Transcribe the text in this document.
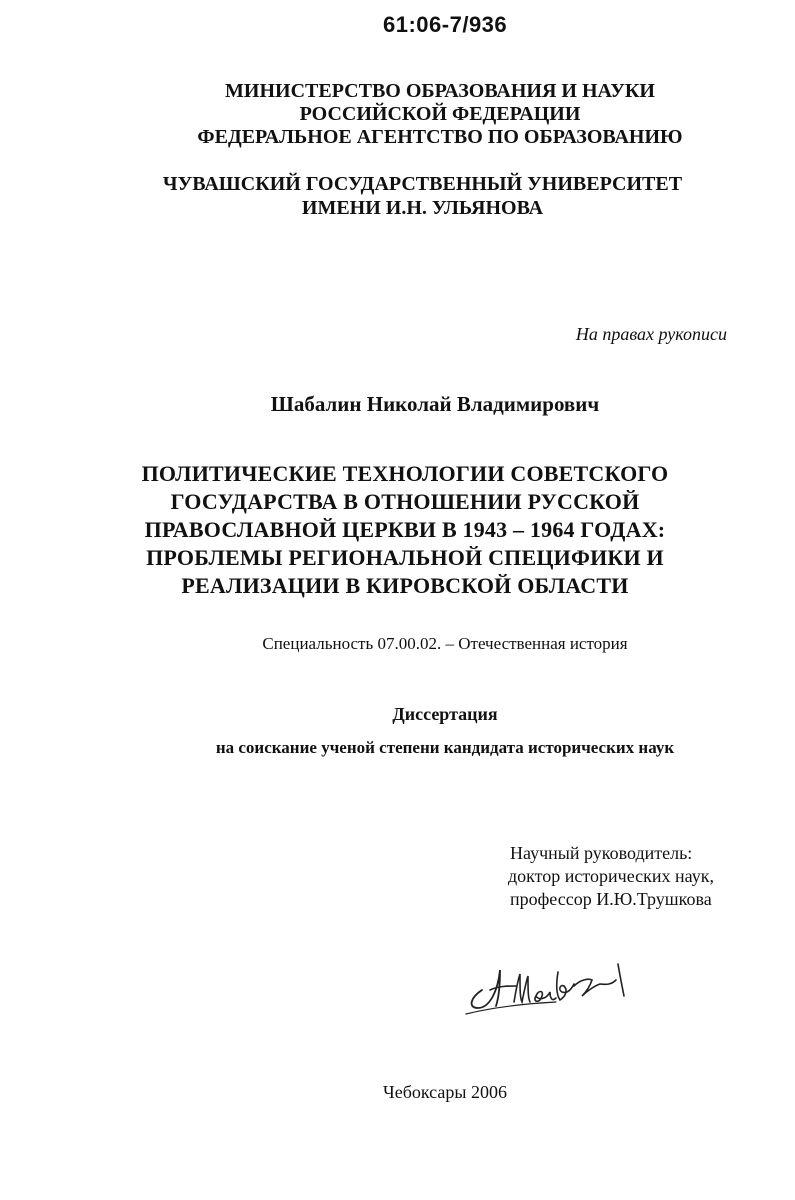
61:06-7/936
МИНИСТЕРСТВО ОБРАЗОВАНИЯ И НАУКИ
РОССИЙСКОЙ ФЕДЕРАЦИИ
ФЕДЕРАЛЬНОЕ АГЕНТСТВО ПО ОБРАЗОВАНИЮ
ЧУВАШСКИЙ ГОСУДАРСТВЕННЫЙ УНИВЕРСИТЕТ
ИМЕНИ И.Н. УЛЬЯНОВА
На правах рукописи
Шабалин Николай Владимирович
ПОЛИТИЧЕСКИЕ ТЕХНОЛОГИИ СОВЕТСКОГО
ГОСУДАРСТВА В ОТНОШЕНИИ РУССКОЙ
ПРАВОСЛАВНОЙ ЦЕРКВИ В 1943 – 1964 ГОДАХ:
ПРОБЛЕМЫ РЕГИОНАЛЬНОЙ СПЕЦИФИКИ И
РЕАЛИЗАЦИИ В КИРОВСКОЙ ОБЛАСТИ
Специальность 07.00.02. – Отечественная история
Диссертация
на соискание ученой степени кандидата исторических наук
Научный руководитель:
доктор исторических наук,
профессор И.Ю.Трушкова
Чебоксары 2006
